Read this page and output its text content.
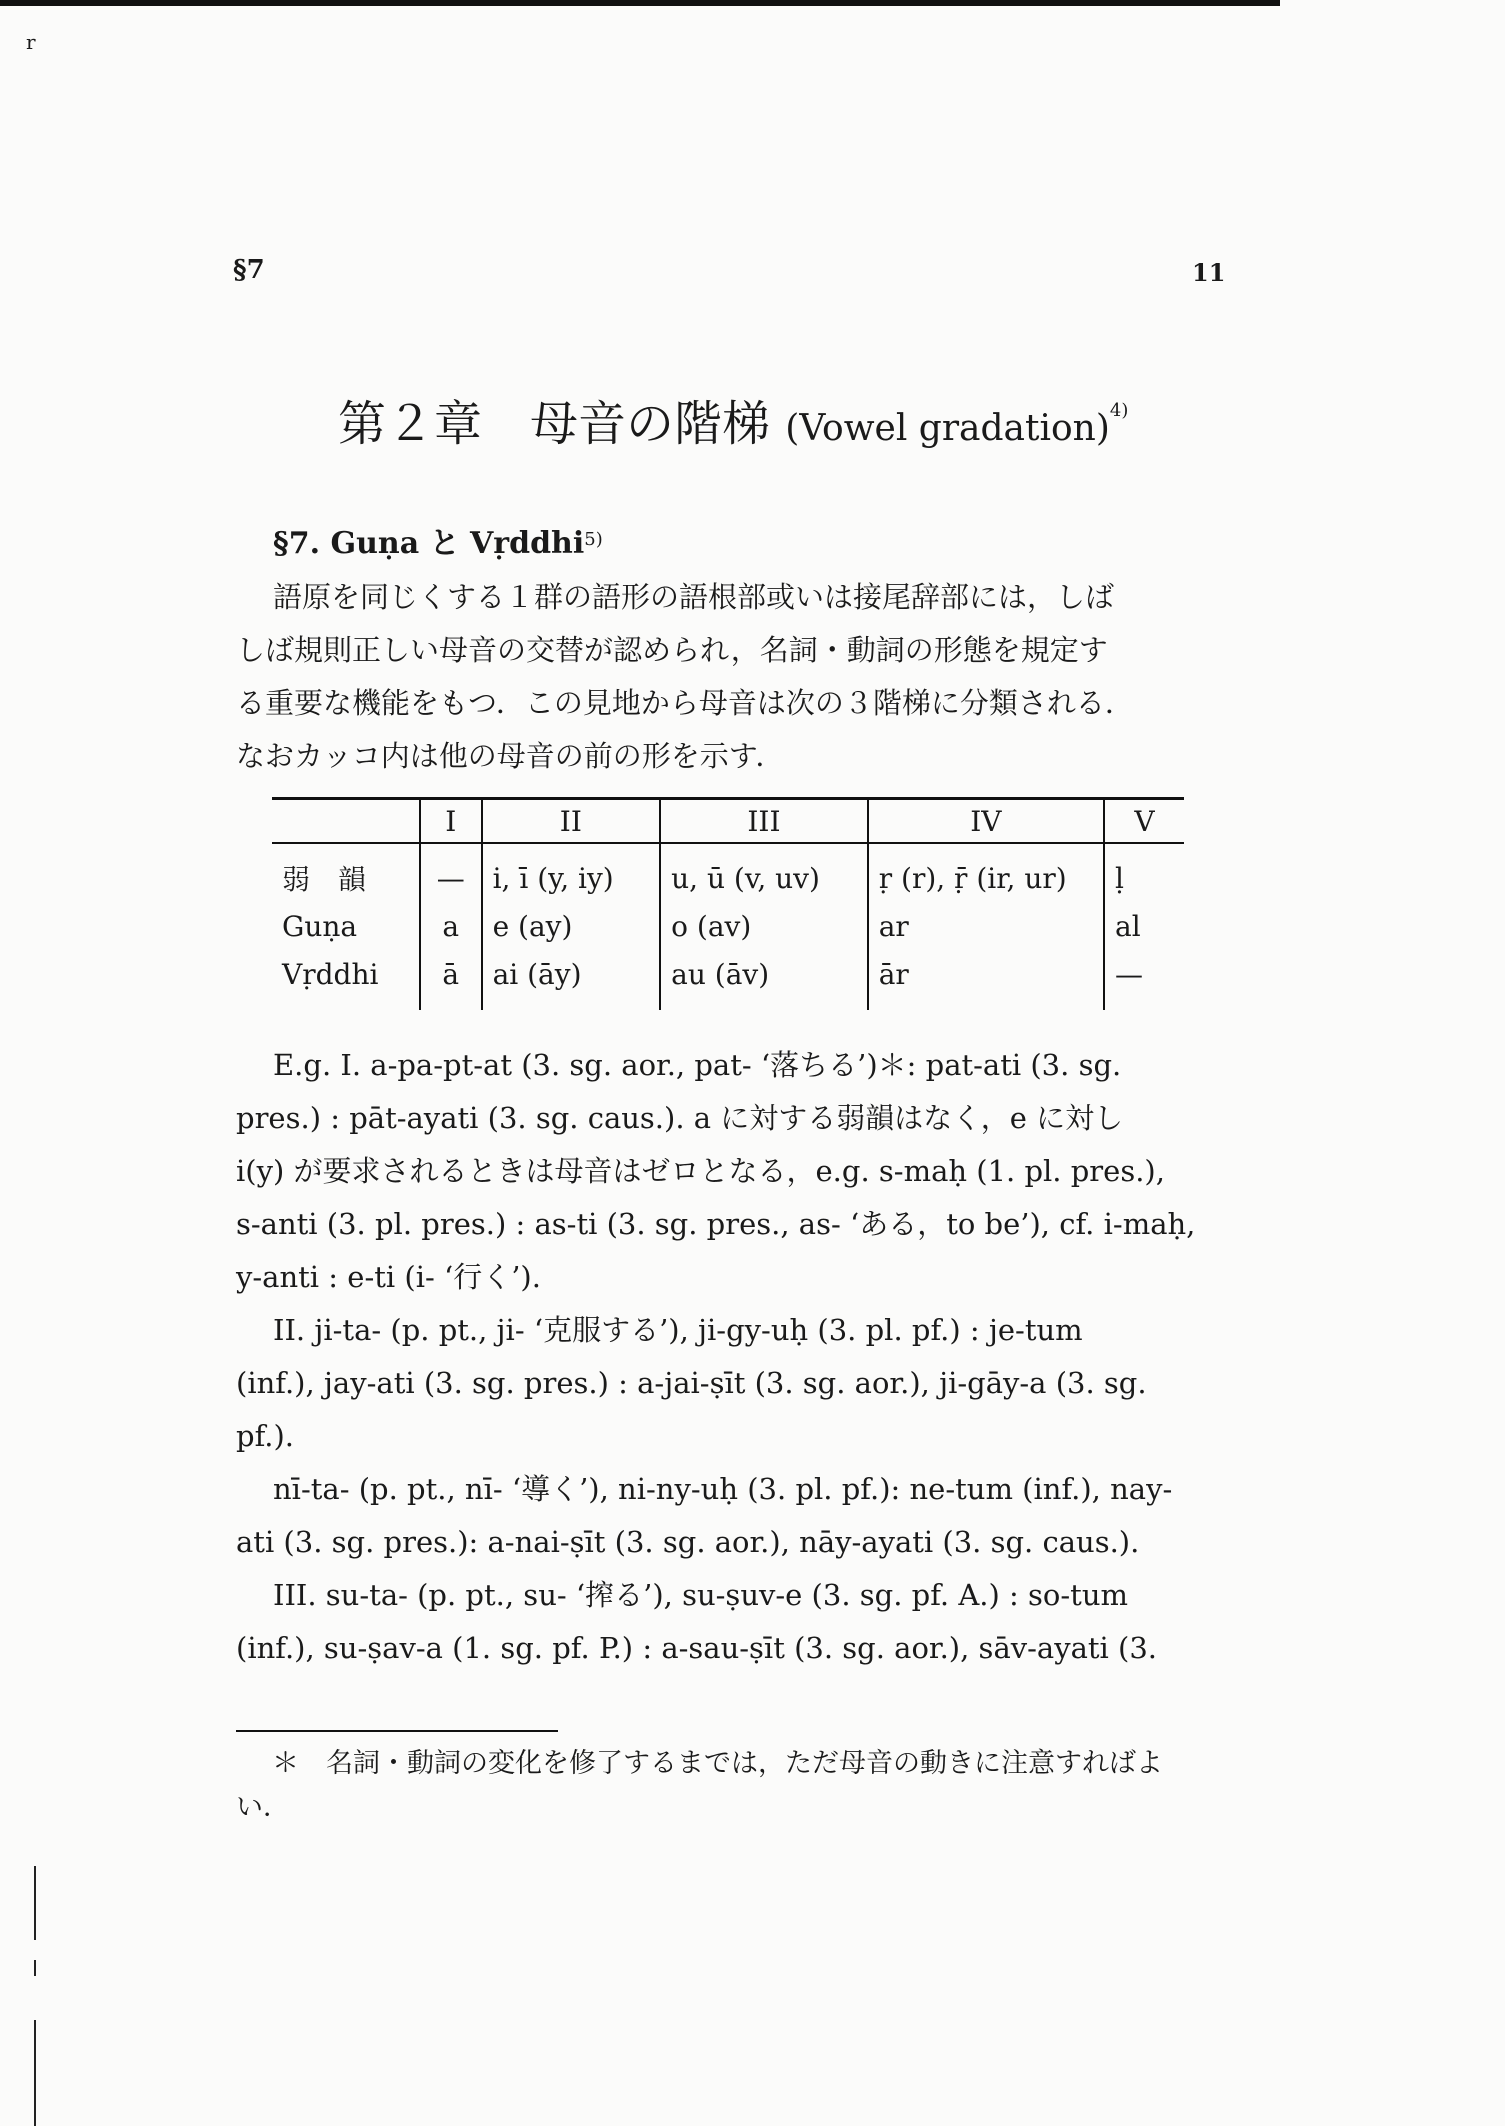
r
§7	11
第２章　母音の階梯 (Vowel gradation)$^{4)}$
§7. Guṇa と Vṛddhi$^{5)}$

語原を同じくする１群の語形の語根部或いは接尾辞部には，しば

しば規則正しい母音の交替が認められ，名詞・動詞の形態を規定す

る重要な機能をもつ．この見地から母音は次の３階梯に分類される．

なおカッコ内は他の母音の前の形を示す．

	I	II	III	IV	V
弱　韻	—	i, ī (y, iy)	u, ū (v, uv)	ṛ (r), ṝ (ir, ur)	ḷ
Guṇa	a	e (ay)	o (av)	ar	al
Vṛddhi	ā	ai (āy)	au (āv)	ār	—

E.g. I. a-pa-pt-at (3. sg. aor., pat- ‘落ちる’)＊: pat-ati (3. sg.

pres.) : pāt-ayati (3. sg. caus.). a に対する弱韻はなく，e に対し

i(y) が要求されるときは母音はゼロとなる，e.g. s-maḥ (1. pl. pres.),

s-anti (3. pl. pres.) : as-ti (3. sg. pres., as- ‘ある，to be’), cf. i-maḥ,

y-anti : e-ti (i- ‘行く’).

II. ji-ta- (p. pt., ji- ‘克服する’), ji-gy-uḥ (3. pl. pf.) : je-tum

(inf.), jay-ati (3. sg. pres.) : a-jai-ṣīt (3. sg. aor.), ji-gāy-a (3. sg.

pf.).

nī-ta- (p. pt., nī- ‘導く’), ni-ny-uḥ (3. pl. pf.): ne-tum (inf.), nay-

ati (3. sg. pres.): a-nai-ṣīt (3. sg. aor.), nāy-ayati (3. sg. caus.).

III. su-ta- (p. pt., su- ‘搾る’), su-ṣuv-e (3. sg. pf. A.) : so-tum

(inf.), su-ṣav-a (1. sg. pf. P.) : a-sau-ṣīt (3. sg. aor.), sāv-ayati (3.

＊　名詞・動詞の変化を修了するまでは，ただ母音の動きに注意すればよい．
